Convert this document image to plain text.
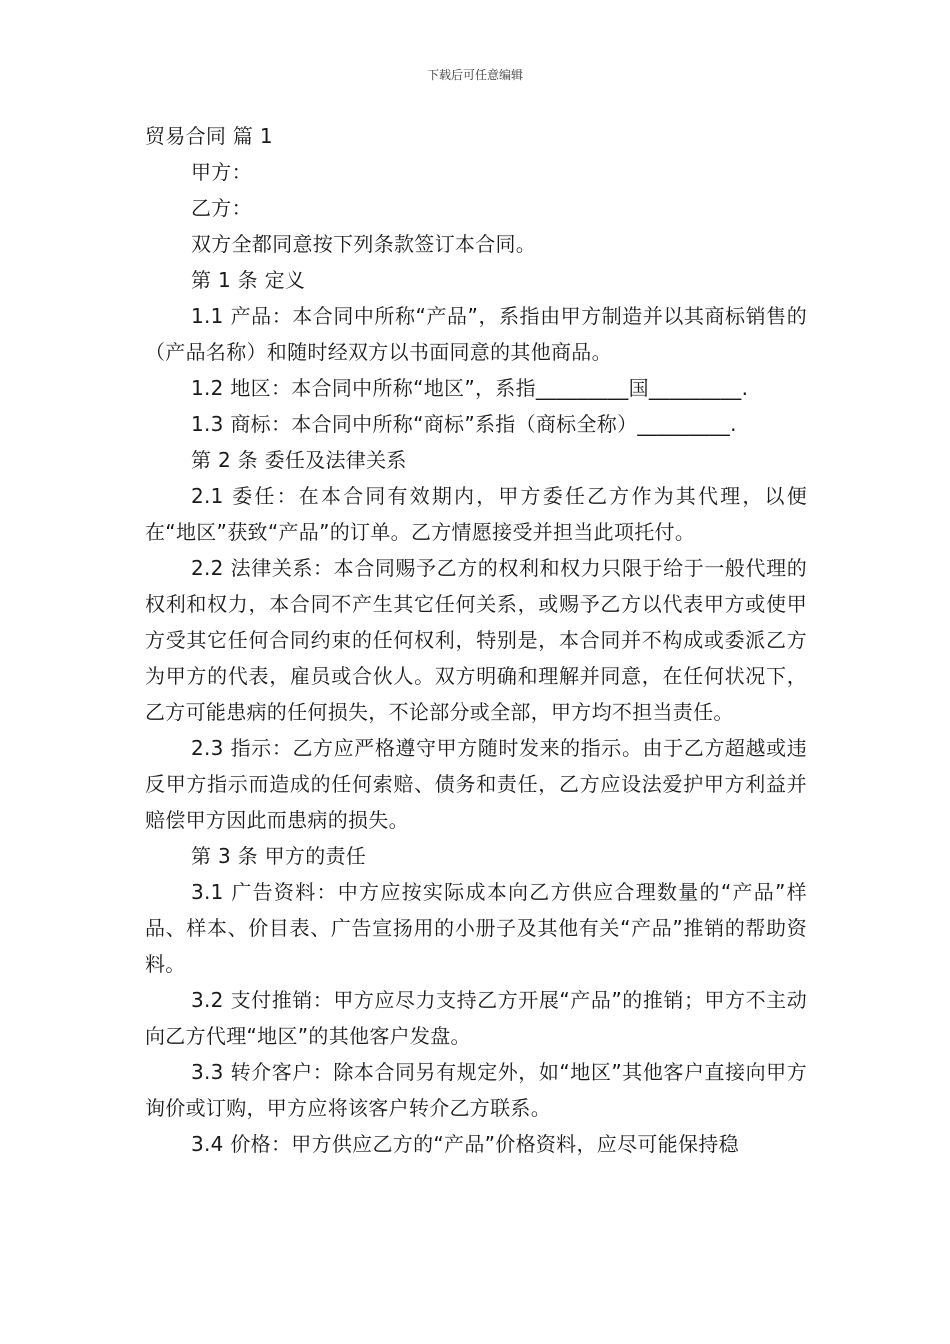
下载后可任意编辑

贸易合同 篇 1

甲方：

乙方：

双方全都同意按下列条款签订本合同。

第 1 条 定义

1.1 产品：本合同中所称“产品”，系指由甲方制造并以其商标销售的（产品名称）和随时经双方以书面同意的其他商品。

1.2 地区：本合同中所称“地区”，系指_________国_________.

1.3 商标：本合同中所称“商标”系指（商标全称）_________.

第 2 条 委任及法律关系

2.1 委任：在本合同有效期内，甲方委任乙方作为其代理，以便在“地区”获致“产品”的订单。乙方情愿接受并担当此项托付。

2.2 法律关系：本合同赐予乙方的权利和权力只限于给于一般代理的权利和权力，本合同不产生其它任何关系，或赐予乙方以代表甲方或使甲方受其它任何合同约束的任何权利，特别是，本合同并不构成或委派乙方为甲方的代表，雇员或合伙人。双方明确和理解并同意，在任何状况下，乙方可能患病的任何损失，不论部分或全部，甲方均不担当责任。

2.3 指示：乙方应严格遵守甲方随时发来的指示。由于乙方超越或违反甲方指示而造成的任何索赔、债务和责任，乙方应设法爱护甲方利益并赔偿甲方因此而患病的损失。

第 3 条 甲方的责任

3.1 广告资料：中方应按实际成本向乙方供应合理数量的“产品”样品、样本、价目表、广告宣扬用的小册子及其他有关“产品”推销的帮助资料。

3.2 支付推销：甲方应尽力支持乙方开展“产品”的推销；甲方不主动向乙方代理“地区”的其他客户发盘。

3.3 转介客户：除本合同另有规定外，如“地区”其他客户直接向甲方询价或订购，甲方应将该客户转介乙方联系。

3.4 价格：甲方供应乙方的“产品”价格资料，应尽可能保持稳
